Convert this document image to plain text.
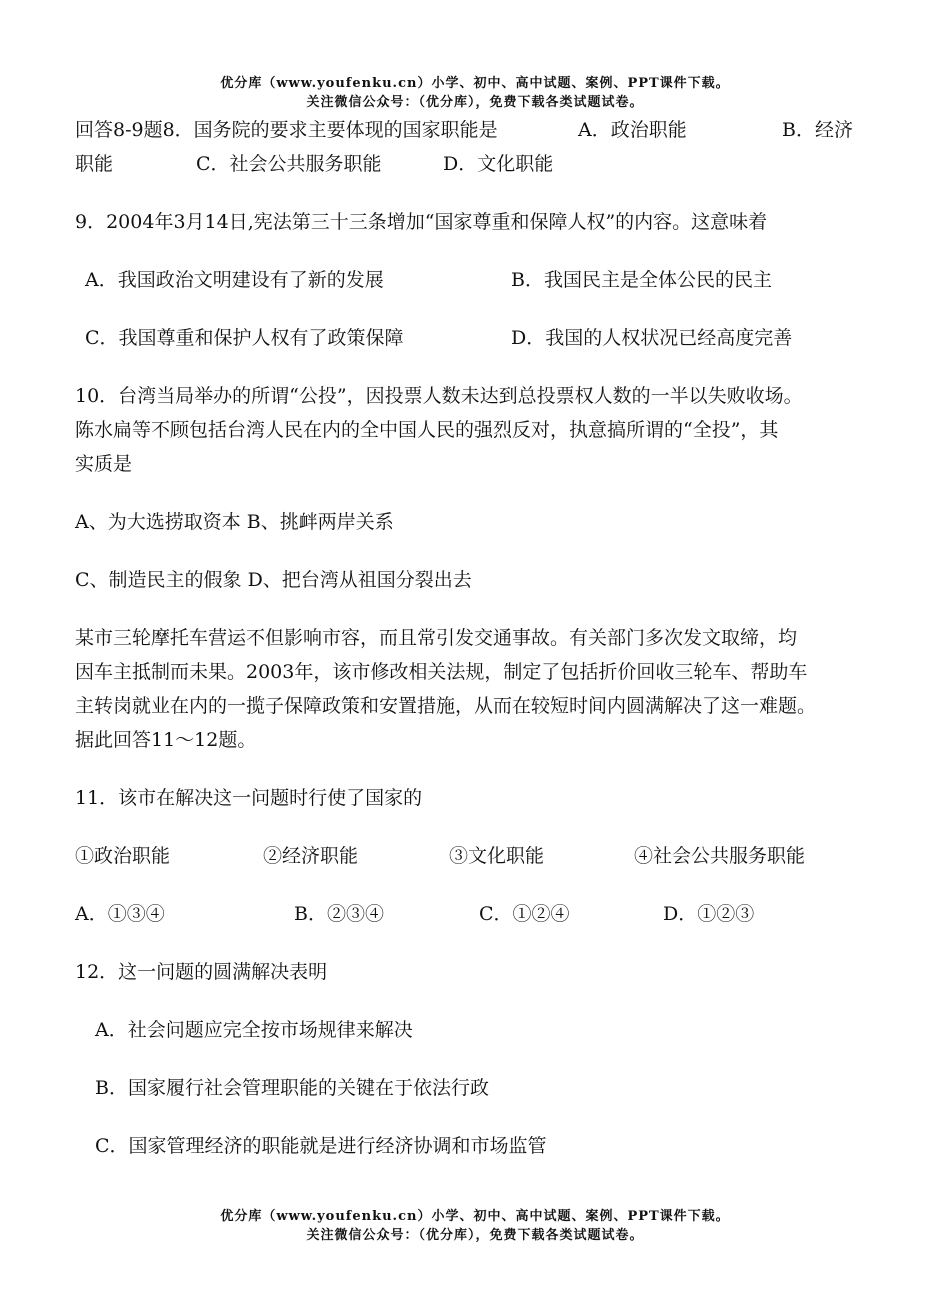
优分库（www.youfenku.cn）小学、初中、高中试题、案例、PPT课件下载。
关注微信公众号：（优分库），免费下载各类试题试卷。
回答8-9题8．国务院的要求主要体现的国家职能是	A．政治职能	B．经济
职能	C．社会公共服务职能	D．文化职能
9．2004年3月14日,宪法第三十三条增加“国家尊重和保障人权”的内容。这意味着
A．我国政治文明建设有了新的发展	B．我国民主是全体公民的民主
C．我国尊重和保护人权有了政策保障	D．我国的人权状况已经高度完善
10．台湾当局举办的所谓“公投”，因投票人数未达到总投票权人数的一半以失败收场。
陈水扁等不顾包括台湾人民在内的全中国人民的强烈反对，执意搞所谓的“全投”，其
实质是
A、为大选捞取资本 B、挑衅两岸关系
C、制造民主的假象 D、把台湾从祖国分裂出去
某市三轮摩托车营运不但影响市容，而且常引发交通事故。有关部门多次发文取缔，均
因车主抵制而未果。2003年，该市修改相关法规，制定了包括折价回收三轮车、帮助车
主转岗就业在内的一揽子保障政策和安置措施，从而在较短时间内圆满解决了这一难题。
据此回答11～12题。
11．该市在解决这一问题时行使了国家的
①政治职能	②经济职能	③文化职能	④社会公共服务职能
A．①③④	B．②③④	C．①②④	D．①②③
12．这一问题的圆满解决表明
A．社会问题应完全按市场规律来解决
B．国家履行社会管理职能的关键在于依法行政
C．国家管理经济的职能就是进行经济协调和市场监管
优分库（www.youfenku.cn）小学、初中、高中试题、案例、PPT课件下载。
关注微信公众号：（优分库），免费下载各类试题试卷。
